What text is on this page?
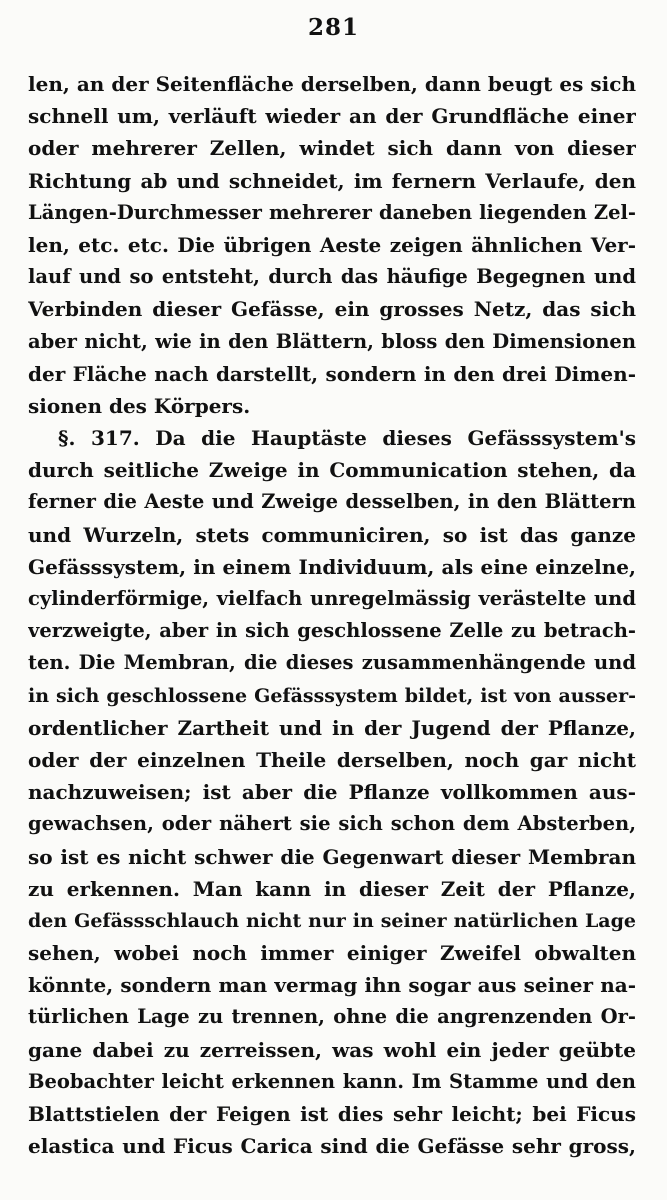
281
len, an der Seitenfläche derselben, dann beugt es sich
schnell um, verläuft wieder an der Grundfläche einer
oder mehrerer Zellen, windet sich dann von dieser
Richtung ab und schneidet, im fernern Verlaufe, den
Längen-Durchmesser mehrerer daneben liegenden Zel-
len, etc. etc. Die übrigen Aeste zeigen ähnlichen Ver-
lauf und so entsteht, durch das häufige Begegnen und
Verbinden dieser Gefässe, ein grosses Netz, das sich
aber nicht, wie in den Blättern, bloss den Dimensionen
der Fläche nach darstellt, sondern in den drei Dimen-
sionen des Körpers.
§. 317. Da die Hauptäste dieses Gefässsystem's
durch seitliche Zweige in Communication stehen, da
ferner die Aeste und Zweige desselben, in den Blättern
und Wurzeln, stets communiciren, so ist das ganze
Gefässsystem, in einem Individuum, als eine einzelne,
cylinderförmige, vielfach unregelmässig verästelte und
verzweigte, aber in sich geschlossene Zelle zu betrach-
ten. Die Membran, die dieses zusammenhängende und
in sich geschlossene Gefässsystem bildet, ist von ausser-
ordentlicher Zartheit und in der Jugend der Pflanze,
oder der einzelnen Theile derselben, noch gar nicht
nachzuweisen; ist aber die Pflanze vollkommen aus-
gewachsen, oder nähert sie sich schon dem Absterben,
so ist es nicht schwer die Gegenwart dieser Membran
zu erkennen. Man kann in dieser Zeit der Pflanze,
den Gefässschlauch nicht nur in seiner natürlichen Lage
sehen, wobei noch immer einiger Zweifel obwalten
könnte, sondern man vermag ihn sogar aus seiner na-
türlichen Lage zu trennen, ohne die angrenzenden Or-
gane dabei zu zerreissen, was wohl ein jeder geübte
Beobachter leicht erkennen kann. Im Stamme und den
Blattstielen der Feigen ist dies sehr leicht; bei Ficus
elastica und Ficus Carica sind die Gefässe sehr gross,
